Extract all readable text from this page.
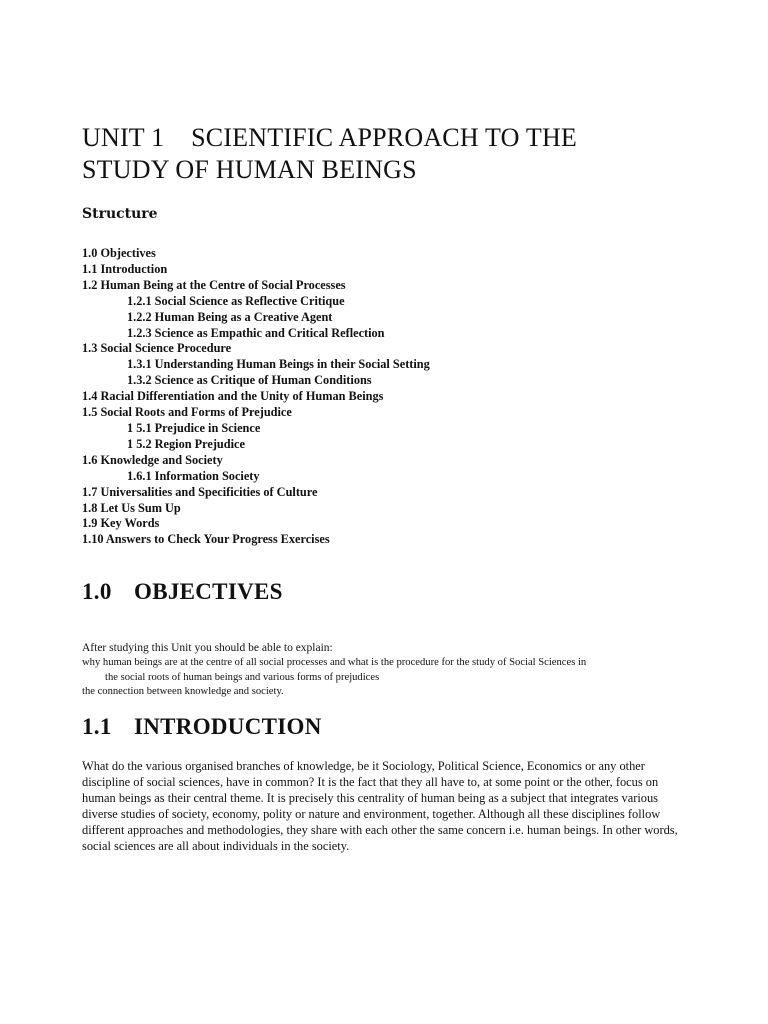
UNIT 1    SCIENTIFIC APPROACH TO THE
STUDY OF HUMAN BEINGS
Structure
1.0 Objectives
1.1 Introduction
1.2 Human Being at the Centre of Social Processes
1.2.1 Social Science as Reflective Critique
1.2.2 Human Being as a Creative Agent
1.2.3 Science as Empathic and Critical Reflection
1.3 Social Science Procedure
1.3.1 Understanding Human Beings in their Social Setting
1.3.2 Science as Critique of Human Conditions
1.4 Racial Differentiation and the Unity of Human Beings
1.5 Social Roots and Forms of Prejudice
1 5.1 Prejudice in Science
1 5.2 Region Prejudice
1.6 Knowledge and Society
1.6.1 Information Society
1.7 Universalities and Specificities of Culture
1.8 Let Us Sum Up
1.9 Key Words
1.10 Answers to Check Your Progress Exercises
1.0 OBJECTIVES

After studying this Unit you should be able to explain:

why human beings are at the centre of all social processes and what is the procedure for the study of Social Sciences in
the social roots of human beings and various forms of prejudices
the connection between knowledge and society.
1.1 INTRODUCTION

What do the various organised branches of knowledge, be it Sociology, Political Science, Economics or any other discipline of social sciences, have in common? It is the fact that they all have to, at some point or the other, focus on human beings as their central theme. It is precisely this centrality of human being as a subject that integrates various diverse studies of society, economy, polity or nature and environment, together. Although all these disciplines follow different approaches and methodologies, they share with each other the same concern i.e. human beings. In other words, social sciences are all about individuals in the society.
